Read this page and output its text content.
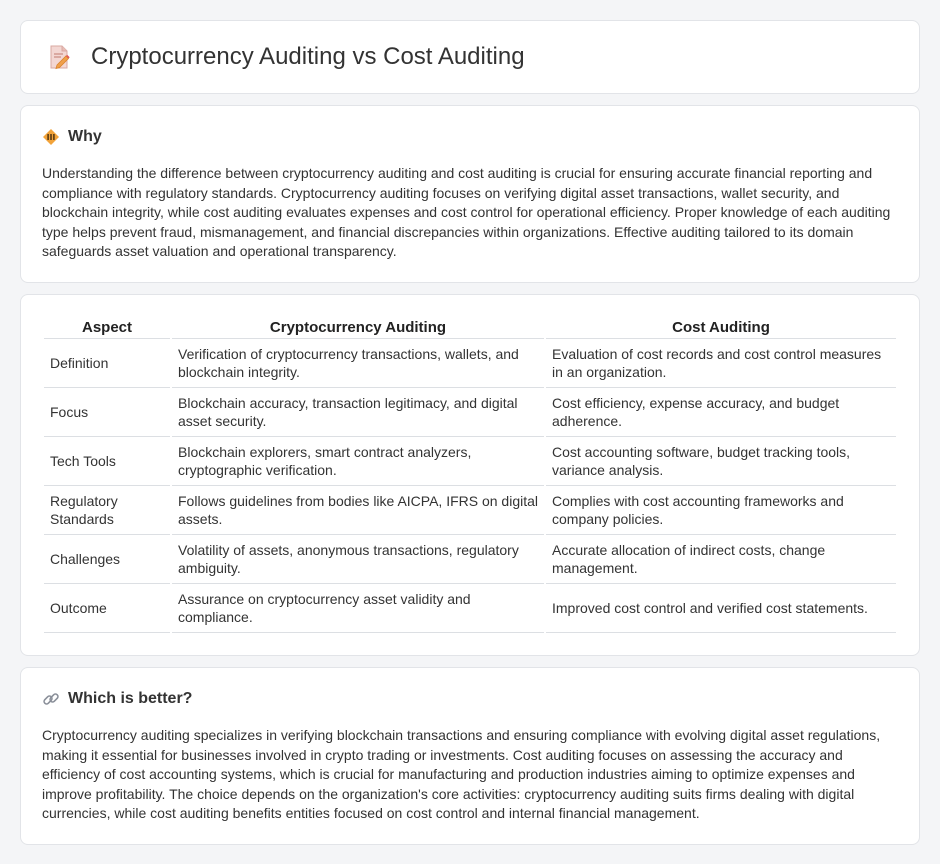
Cryptocurrency Auditing vs Cost Auditing
Why

Understanding the difference between cryptocurrency auditing and cost auditing is crucial for ensuring accurate financial reporting and compliance with regulatory standards. Cryptocurrency auditing focuses on verifying digital asset transactions, wallet security, and blockchain integrity, while cost auditing evaluates expenses and cost control for operational efficiency. Proper knowledge of each auditing type helps prevent fraud, mismanagement, and financial discrepancies within organizations. Effective auditing tailored to its domain safeguards asset valuation and operational transparency.

Aspect	Cryptocurrency Auditing	Cost Auditing
Definition	Verification of cryptocurrency transactions, wallets, and blockchain integrity.	Evaluation of cost records and cost control measures in an organization.
Focus	Blockchain accuracy, transaction legitimacy, and digital asset security.	Cost efficiency, expense accuracy, and budget adherence.
Tech Tools	Blockchain explorers, smart contract analyzers, cryptographic verification.	Cost accounting software, budget tracking tools, variance analysis.
Regulatory Standards	Follows guidelines from bodies like AICPA, IFRS on digital assets.	Complies with cost accounting frameworks and company policies.
Challenges	Volatility of assets, anonymous transactions, regulatory ambiguity.	Accurate allocation of indirect costs, change management.
Outcome	Assurance on cryptocurrency asset validity and compliance.	Improved cost control and verified cost statements.
Which is better?

Cryptocurrency auditing specializes in verifying blockchain transactions and ensuring compliance with evolving digital asset regulations, making it essential for businesses involved in crypto trading or investments. Cost auditing focuses on assessing the accuracy and efficiency of cost accounting systems, which is crucial for manufacturing and production industries aiming to optimize expenses and improve profitability. The choice depends on the organization's core activities: cryptocurrency auditing suits firms dealing with digital currencies, while cost auditing benefits entities focused on cost control and internal financial management.
